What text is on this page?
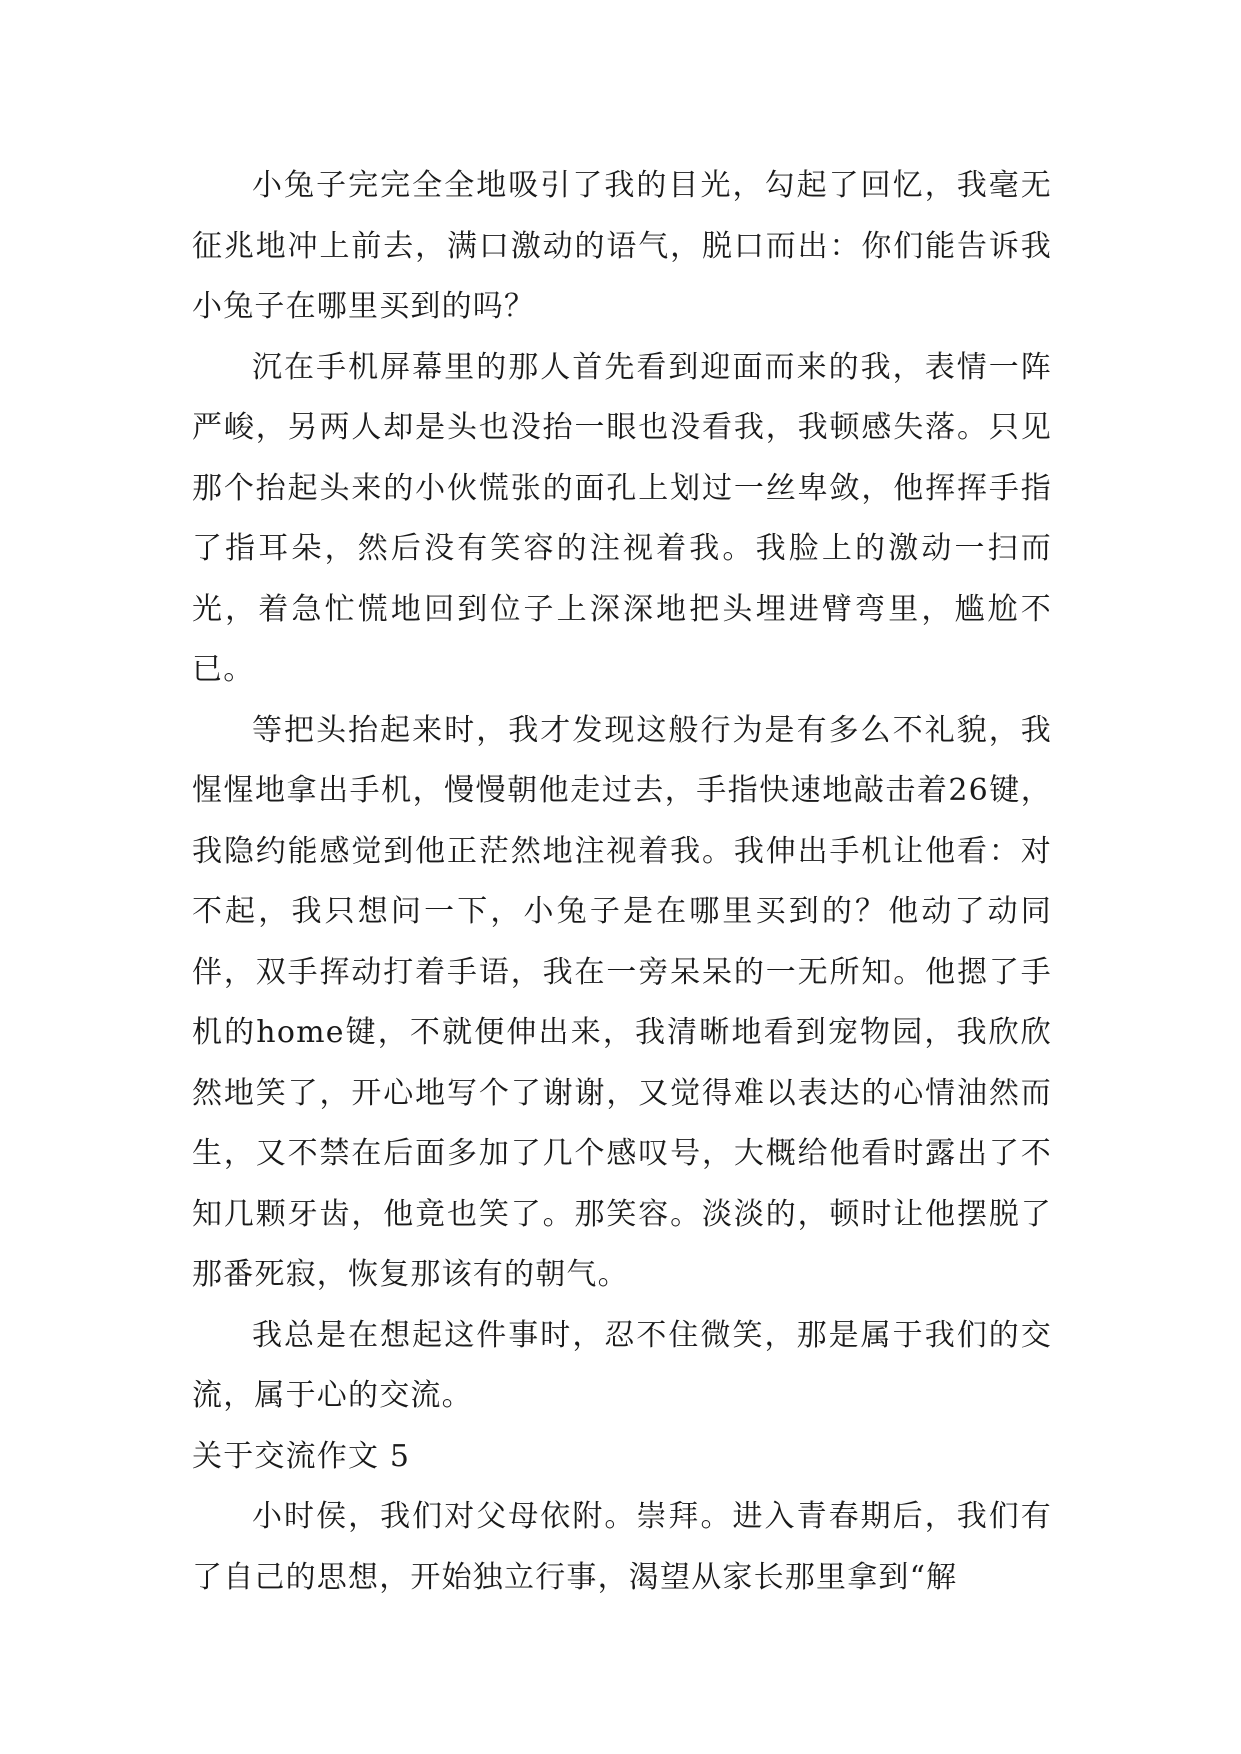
小兔子完完全全地吸引了我的目光，勾起了回忆，我毫无征兆地冲上前去，满口激动的语气，脱口而出：你们能告诉我小兔子在哪里买到的吗？

沉在手机屏幕里的那人首先看到迎面而来的我，表情一阵严峻，另两人却是头也没抬一眼也没看我，我顿感失落。只见那个抬起头来的小伙慌张的面孔上划过一丝卑敛，他挥挥手指了指耳朵，然后没有笑容的注视着我。我脸上的激动一扫而光，着急忙慌地回到位子上深深地把头埋进臂弯里，尴尬不已。

等把头抬起来时，我才发现这般行为是有多么不礼貌，我惺惺地拿出手机，慢慢朝他走过去，手指快速地敲击着26键，我隐约能感觉到他正茫然地注视着我。我伸出手机让他看：对不起，我只想问一下，小兔子是在哪里买到的？他动了动同伴，双手挥动打着手语，我在一旁呆呆的一无所知。他摁了手机的home键，不就便伸出来，我清晰地看到宠物园，我欣欣然地笑了，开心地写个了谢谢，又觉得难以表达的心情油然而生，又不禁在后面多加了几个感叹号，大概给他看时露出了不知几颗牙齿，他竟也笑了。那笑容。淡淡的，顿时让他摆脱了那番死寂，恢复那该有的朝气。

我总是在想起这件事时，忍不住微笑，那是属于我们的交流，属于心的交流。

关于交流作文 5

小时侯，我们对父母依附。崇拜。进入青春期后，我们有了自己的思想，开始独立行事，渴望从家长那里拿到“解
